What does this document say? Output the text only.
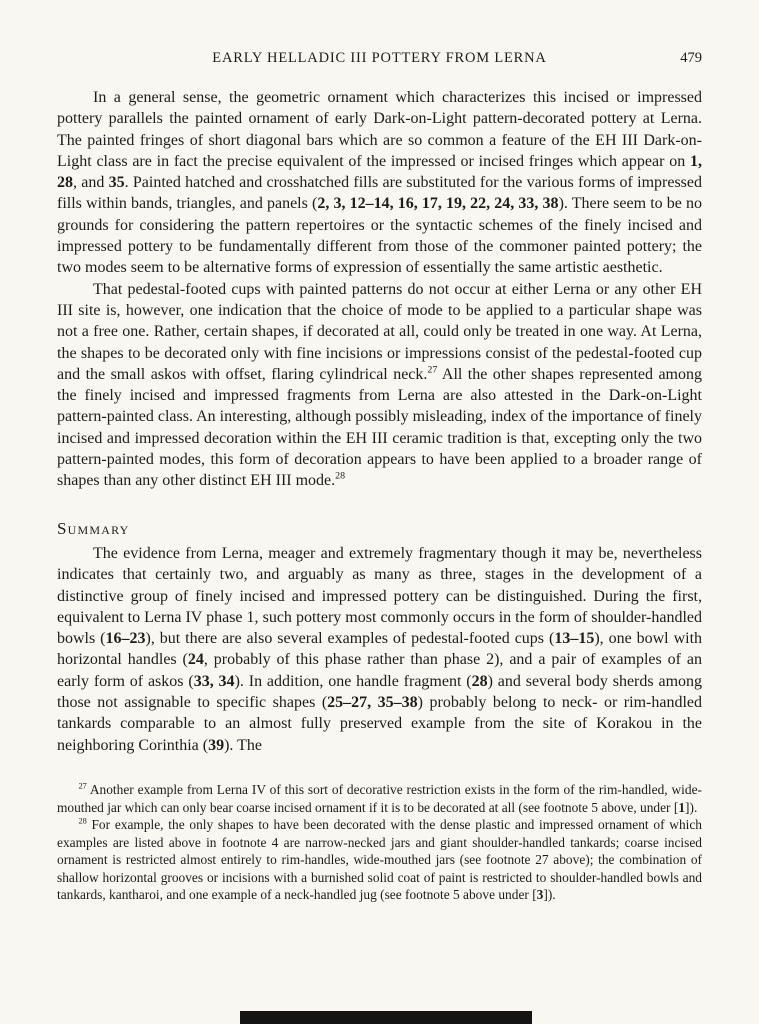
EARLY HELLADIC III POTTERY FROM LERNA	479

In a general sense, the geometric ornament which characterizes this incised or impressed pottery parallels the painted ornament of early Dark-on-Light pattern-decorated pottery at Lerna. The painted fringes of short diagonal bars which are so common a feature of the EH III Dark-on-Light class are in fact the precise equivalent of the impressed or incised fringes which appear on 1, 28, and 35. Painted hatched and crosshatched fills are substituted for the various forms of impressed fills within bands, triangles, and panels (2, 3, 12–14, 16, 17, 19, 22, 24, 33, 38). There seem to be no grounds for considering the pattern repertoires or the syntactic schemes of the finely incised and impressed pottery to be fundamentally different from those of the commoner painted pottery; the two modes seem to be alternative forms of expression of essentially the same artistic aesthetic.

That pedestal-footed cups with painted patterns do not occur at either Lerna or any other EH III site is, however, one indication that the choice of mode to be applied to a particular shape was not a free one. Rather, certain shapes, if decorated at all, could only be treated in one way. At Lerna, the shapes to be decorated only with fine incisions or impressions consist of the pedestal-footed cup and the small askos with offset, flaring cylindrical neck.$^{27}$ All the other shapes represented among the finely incised and impressed fragments from Lerna are also attested in the Dark-on-Light pattern-painted class. An interesting, although possibly misleading, index of the importance of finely incised and impressed decoration within the EH III ceramic tradition is that, excepting only the two pattern-painted modes, this form of decoration appears to have been applied to a broader range of shapes than any other distinct EH III mode.$^{28}$

Summary

The evidence from Lerna, meager and extremely fragmentary though it may be, nevertheless indicates that certainly two, and arguably as many as three, stages in the development of a distinctive group of finely incised and impressed pottery can be distinguished. During the first, equivalent to Lerna IV phase 1, such pottery most commonly occurs in the form of shoulder-handled bowls (16–23), but there are also several examples of pedestal-footed cups (13–15), one bowl with horizontal handles (24, probably of this phase rather than phase 2), and a pair of examples of an early form of askos (33, 34). In addition, one handle fragment (28) and several body sherds among those not assignable to specific shapes (25–27, 35–38) probably belong to neck- or rim-handled tankards comparable to an almost fully preserved example from the site of Korakou in the neighboring Corinthia (39). The

$^{27}$ Another example from Lerna IV of this sort of decorative restriction exists in the form of the rim-handled, wide-mouthed jar which can only bear coarse incised ornament if it is to be decorated at all (see footnote 5 above, under [1]).

$^{28}$ For example, the only shapes to have been decorated with the dense plastic and impressed ornament of which examples are listed above in footnote 4 are narrow-necked jars and giant shoulder-handled tankards; coarse incised ornament is restricted almost entirely to rim-handles, wide-mouthed jars (see footnote 27 above); the combination of shallow horizontal grooves or incisions with a burnished solid coat of paint is restricted to shoulder-handled bowls and tankards, kantharoi, and one example of a neck-handled jug (see footnote 5 above under [3]).
